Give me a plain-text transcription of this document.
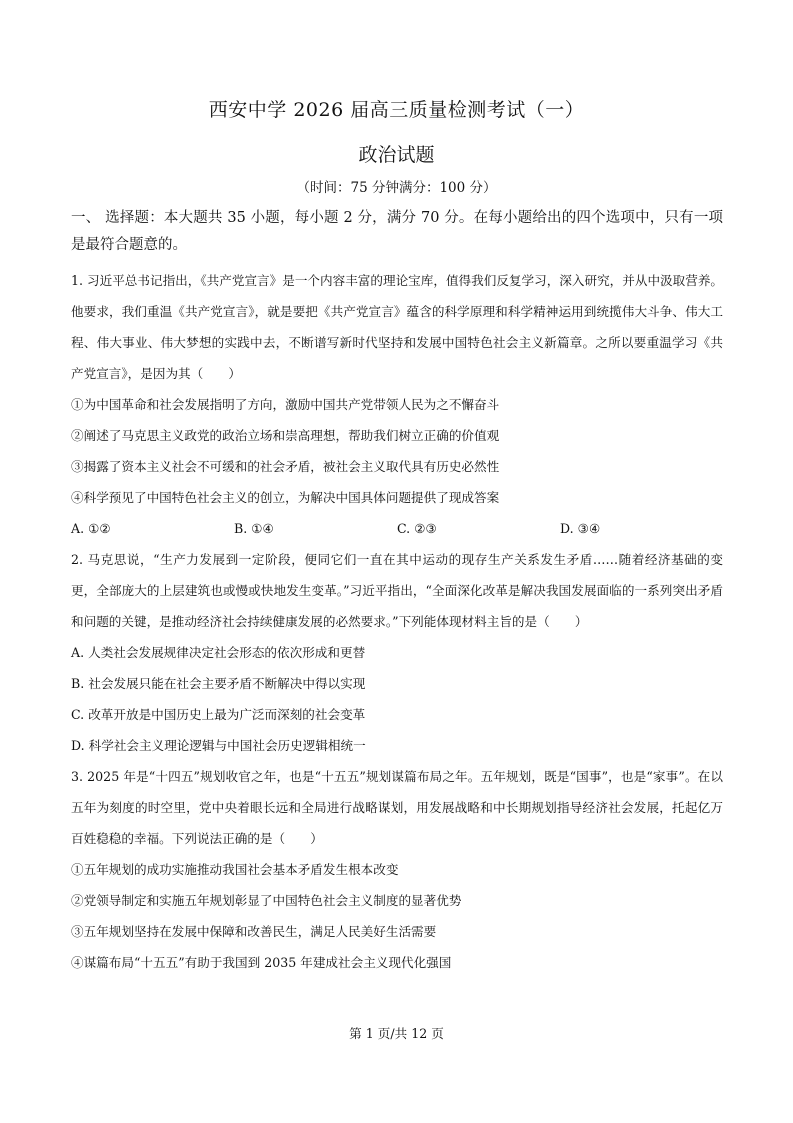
西安中学 2026 届高三质量检测考试（一）
政治试题
（时间：75 分钟满分：100 分）

一、 选择题：本大题共 35 小题，每小题 2 分，满分 70 分。在每小题给出的四个选项中，只有一项是最符合题意的。

1. 习近平总书记指出，《共产党宣言》是一个内容丰富的理论宝库，值得我们反复学习，深入研究，并从中汲取营养。他要求，我们重温《共产党宣言》，就是要把《共产党宣言》蕴含的科学原理和科学精神运用到统揽伟大斗争、伟大工程、伟大事业、伟大梦想的实践中去，不断谱写新时代坚持和发展中国特色社会主义新篇章。之所以要重温学习《共产党宣言》，是因为其（　　）

①为中国革命和社会发展指明了方向，激励中国共产党带领人民为之不懈奋斗

②阐述了马克思主义政党的政治立场和崇高理想，帮助我们树立正确的价值观

③揭露了资本主义社会不可缓和的社会矛盾，被社会主义取代具有历史必然性

④科学预见了中国特色社会主义的创立，为解决中国具体问题提供了现成答案

A. ①②	B. ①④	C. ②③	D. ③④

2. 马克思说，“生产力发展到一定阶段，便同它们一直在其中运动的现存生产关系发生矛盾……随着经济基础的变更，全部庞大的上层建筑也或慢或快地发生变革。”习近平指出，“全面深化改革是解决我国发展面临的一系列突出矛盾和问题的关键，是推动经济社会持续健康发展的必然要求。”下列能体现材料主旨的是（　　）

A. 人类社会发展规律决定社会形态的依次形成和更替

B. 社会发展只能在社会主要矛盾不断解决中得以实现

C. 改革开放是中国历史上最为广泛而深刻的社会变革

D. 科学社会主义理论逻辑与中国社会历史逻辑相统一

3. 2025 年是“十四五”规划收官之年，也是“十五五”规划谋篇布局之年。五年规划，既是“国事”，也是“家事”。在以五年为刻度的时空里，党中央着眼长远和全局进行战略谋划，用发展战略和中长期规划指导经济社会发展，托起亿万百姓稳稳的幸福。下列说法正确的是（　　）

①五年规划的成功实施推动我国社会基本矛盾发生根本改变

②党领导制定和实施五年规划彰显了中国特色社会主义制度的显著优势

③五年规划坚持在发展中保障和改善民生，满足人民美好生活需要

④谋篇布局“十五五”有助于我国到 2035 年建成社会主义现代化强国

第 1 页/共 12 页
